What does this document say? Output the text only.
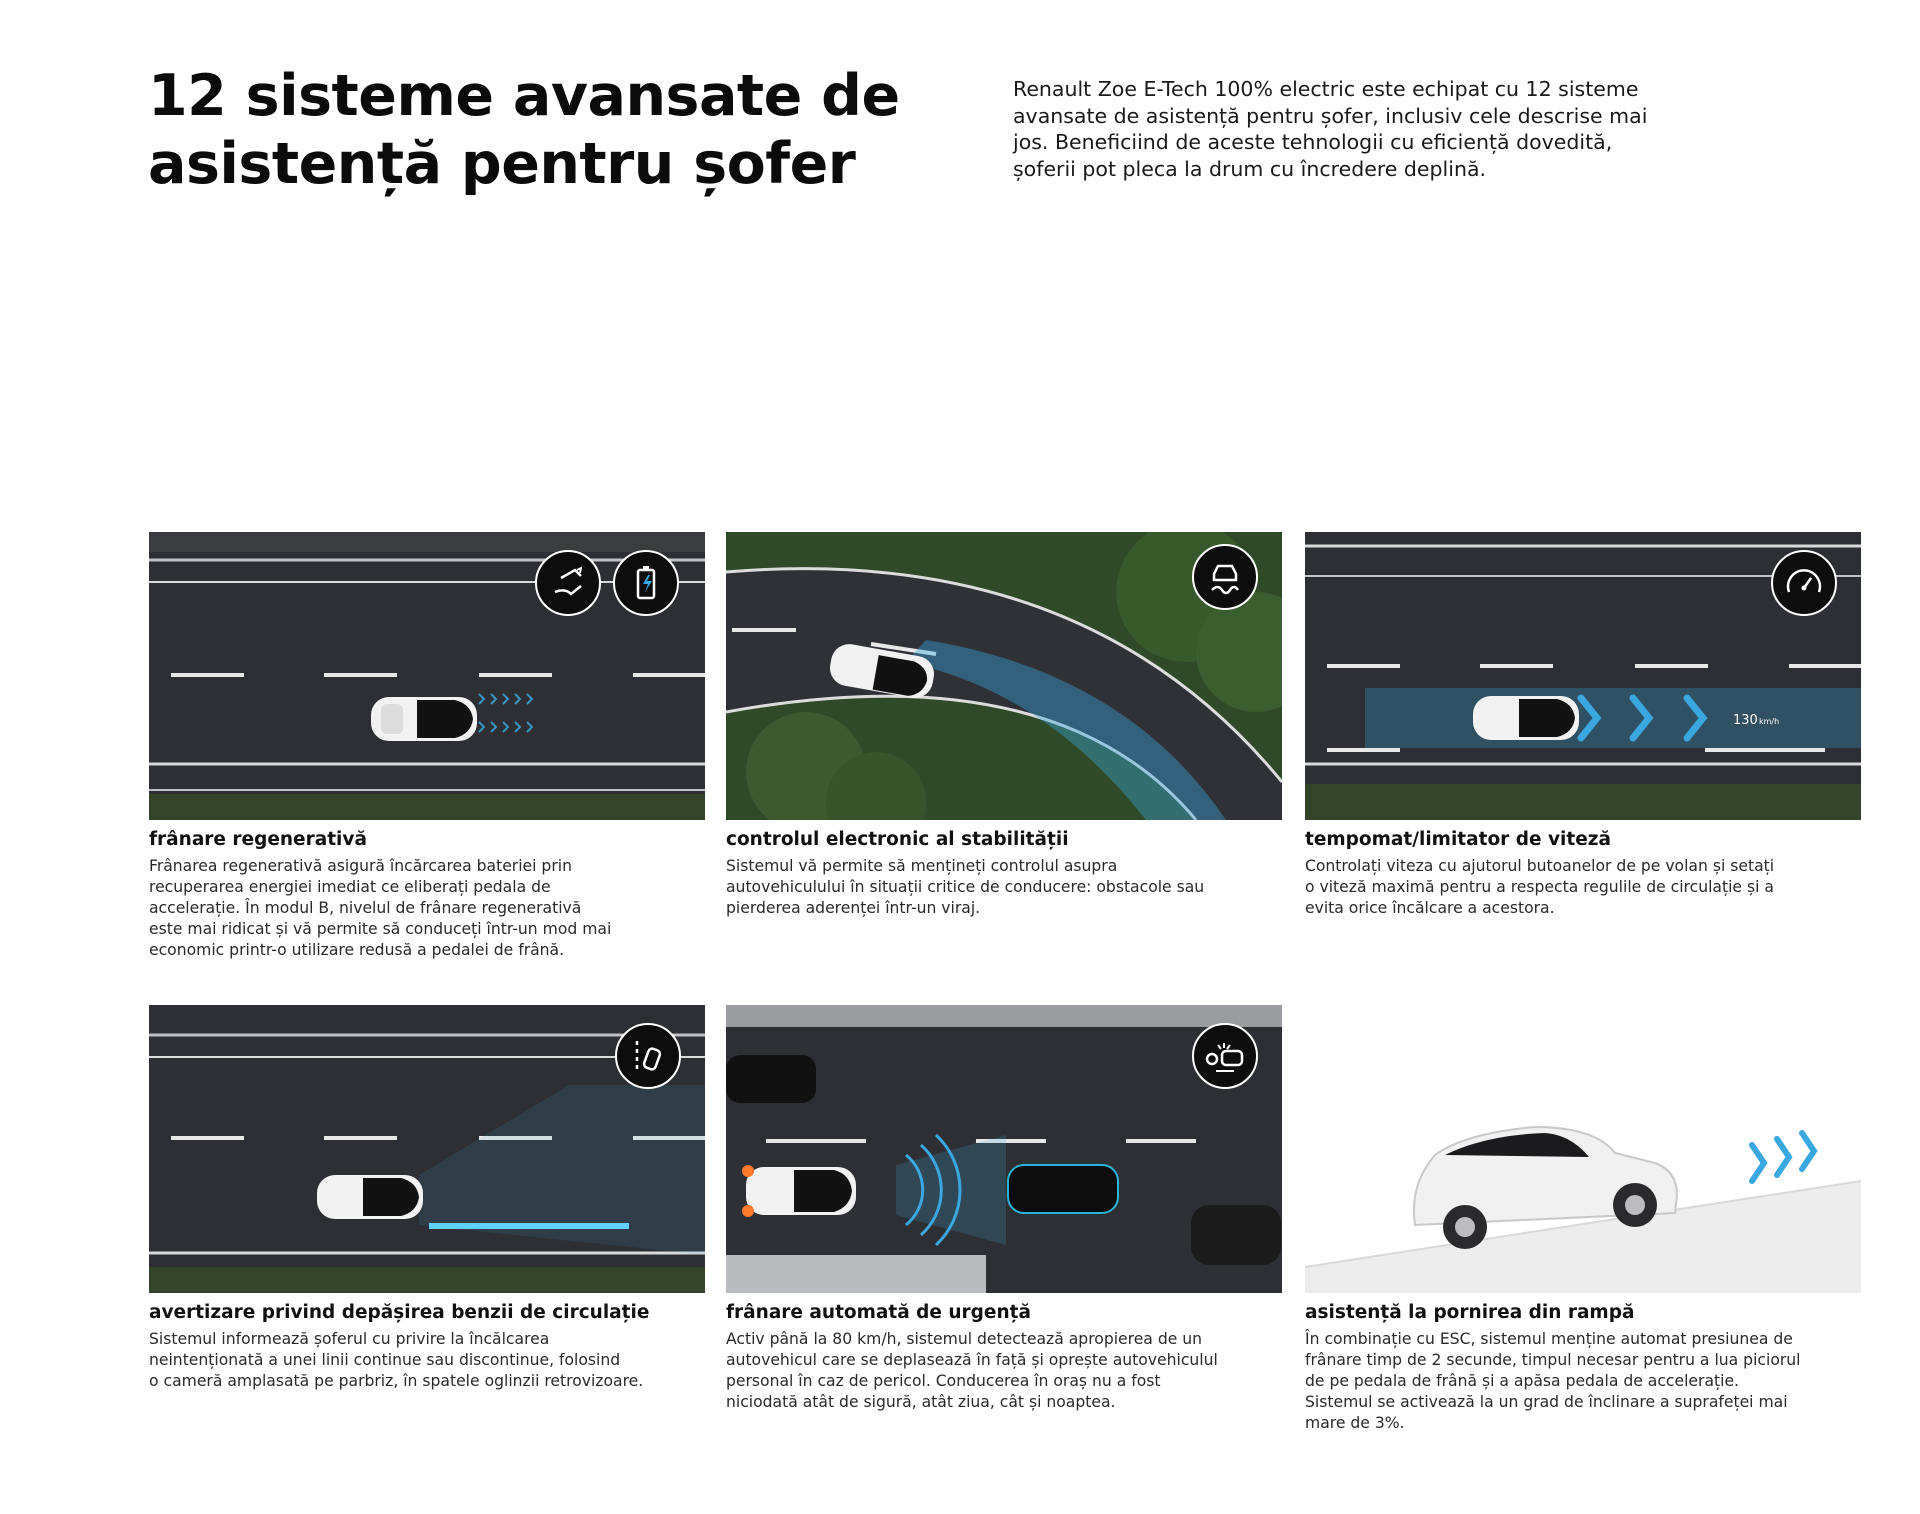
12 sisteme avansate de
asistență pentru șofer

Renault Zoe E-Tech 100% electric este echipat cu 12 sisteme
avansate de asistență pentru șofer, inclusiv cele descrise mai
jos. Beneficiind de aceste tehnologii cu eficiență dovedită,
șoferii pot pleca la drum cu încredere deplină.

frânare regenerativă

Frânarea regenerativă asigură încărcarea bateriei prin
recuperarea energiei imediat ce eliberați pedala de
accelerație. În modul B, nivelul de frânare regenerativă
este mai ridicat și vă permite să conduceți într-un mod mai
economic printr-o utilizare redusă a pedalei de frână.

controlul electronic al stabilității

Sistemul vă permite să mențineți controlul asupra
autovehiculului în situații critice de conducere: obstacole sau
pierderea aderenței într-un viraj.

130 km/h

tempomat/limitator de viteză

Controlați viteza cu ajutorul butoanelor de pe volan și setați
o viteză maximă pentru a respecta regulile de circulație și a
evita orice încălcare a acestora.

avertizare privind depășirea benzii de circulație

Sistemul informează șoferul cu privire la încălcarea
neintenționată a unei linii continue sau discontinue, folosind
o cameră amplasată pe parbriz, în spatele oglinzii retrovizoare.

frânare automată de urgență

Activ până la 80 km/h, sistemul detectează apropierea de un
autovehicul care se deplasează în față și oprește autovehiculul
personal în caz de pericol. Conducerea în oraș nu a fost
niciodată atât de sigură, atât ziua, cât și noaptea.

asistență la pornirea din rampă

În combinație cu ESC, sistemul menține automat presiunea de
frânare timp de 2 secunde, timpul necesar pentru a lua piciorul
de pe pedala de frână și a apăsa pedala de accelerație.
Sistemul se activează la un grad de înclinare a suprafeței mai
mare de 3%.
